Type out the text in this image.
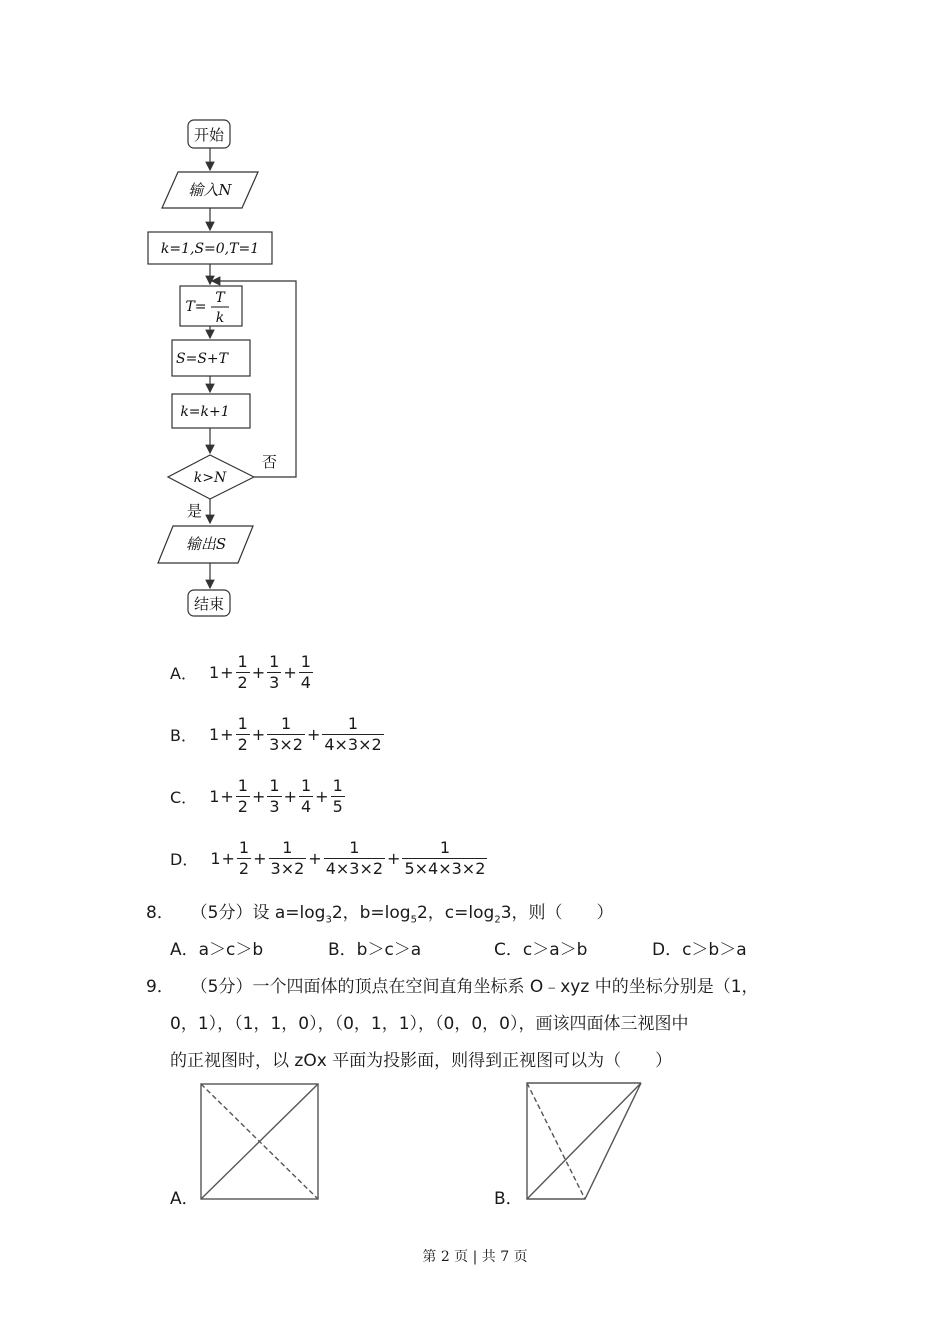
开始
输入N
k=1,S=0,T=1
T=
T
k
S=S+T
k=k+1
k>N
否
是
输出S
结束
A． $1 + \frac{1}{2} + \frac{1}{3} + \frac{1}{4}$
B． $1 + \frac{1}{2} + \frac{1}{3\times 2} + \frac{1}{4\times 3\times 2}$
C． $1 + \frac{1}{2} + \frac{1}{3} + \frac{1}{4} + \frac{1}{5}$
D． $1 + \frac{1}{2} + \frac{1}{3\times 2} + \frac{1}{4\times 3\times 2} + \frac{1}{5\times 4\times 3\times 2}$
8． （5分）设 $a=\log_32$，$b=\log_52$，$c=\log_23$，则（　　）
A．a＞c＞b	B．b＞c＞a	C．c＞a＞b	D．c＞b＞a
9． （5分）一个四面体的顶点在空间直角坐标系 O﹣xyz 中的坐标分别是（1，
0，1），（1，1，0），（0，1，1），（0，0，0），画该四面体三视图中
的正视图时，以 zOx 平面为投影面，则得到正视图可以为（　　）
A．	B．
第 2 页 | 共 7 页
